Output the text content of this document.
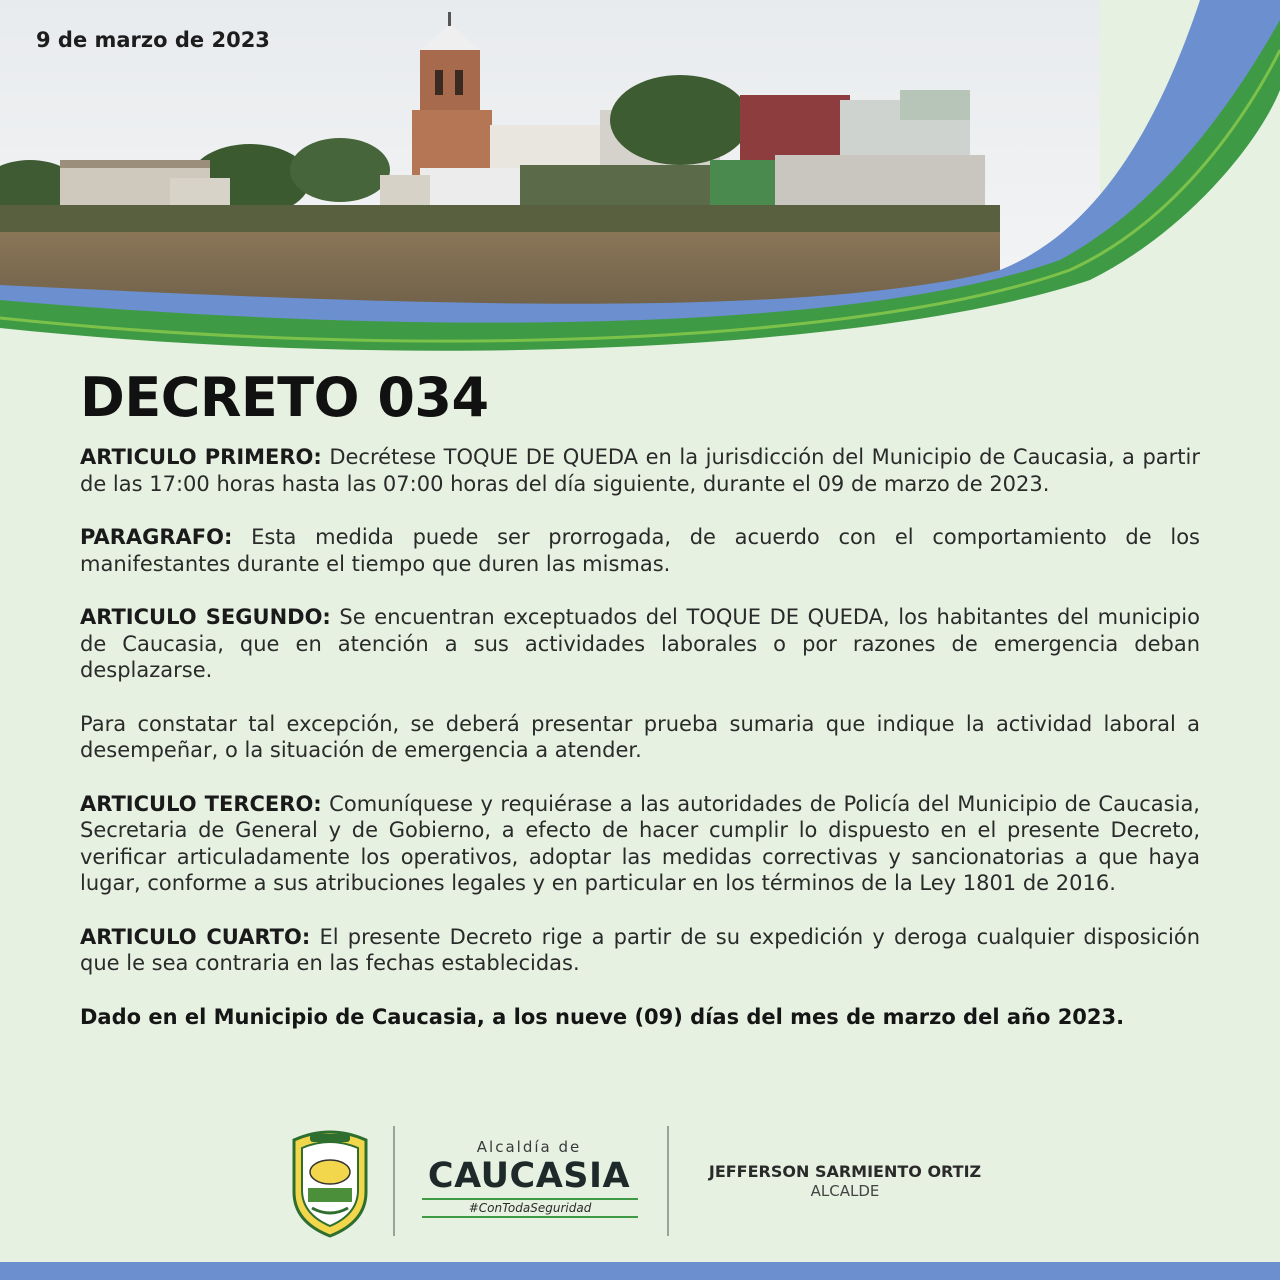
9 de marzo de 2023
DECRETO 034

ARTICULO PRIMERO: Decrétese TOQUE DE QUEDA en la jurisdicción del Municipio de Caucasia, a partir de las 17:00 horas hasta las 07:00 horas del día siguiente, durante el 09 de marzo de 2023.

PARAGRAFO: Esta medida puede ser prorrogada, de acuerdo con el comportamiento de los manifestantes durante el tiempo que duren las mismas.

ARTICULO SEGUNDO: Se encuentran exceptuados del TOQUE DE QUEDA, los habitantes del municipio de Caucasia, que en atención a sus actividades laborales o por razones de emergencia deban desplazarse.

Para constatar tal excepción, se deberá presentar prueba sumaria que indique la actividad laboral a desempeñar, o la situación de emergencia a atender.

ARTICULO TERCERO: Comuníquese y requiérase a las autoridades de Policía del Municipio de Caucasia, Secretaria de General y de Gobierno, a efecto de hacer cumplir lo dispuesto en el presente Decreto, verificar articuladamente los operativos, adoptar las medidas correctivas y sancionatorias a que haya lugar, conforme a sus atribuciones legales y en particular en los términos de la Ley 1801 de 2016.

ARTICULO CUARTO: El presente Decreto rige a partir de su expedición y deroga cualquier disposición que le sea contraria en las fechas establecidas.

Dado en el Municipio de Caucasia, a los nueve (09) días del mes de marzo del año 2023.

Alcaldía de
CAUCASIA
#ConTodaSeguridad
JEFFERSON SARMIENTO ORTIZ
ALCALDE
